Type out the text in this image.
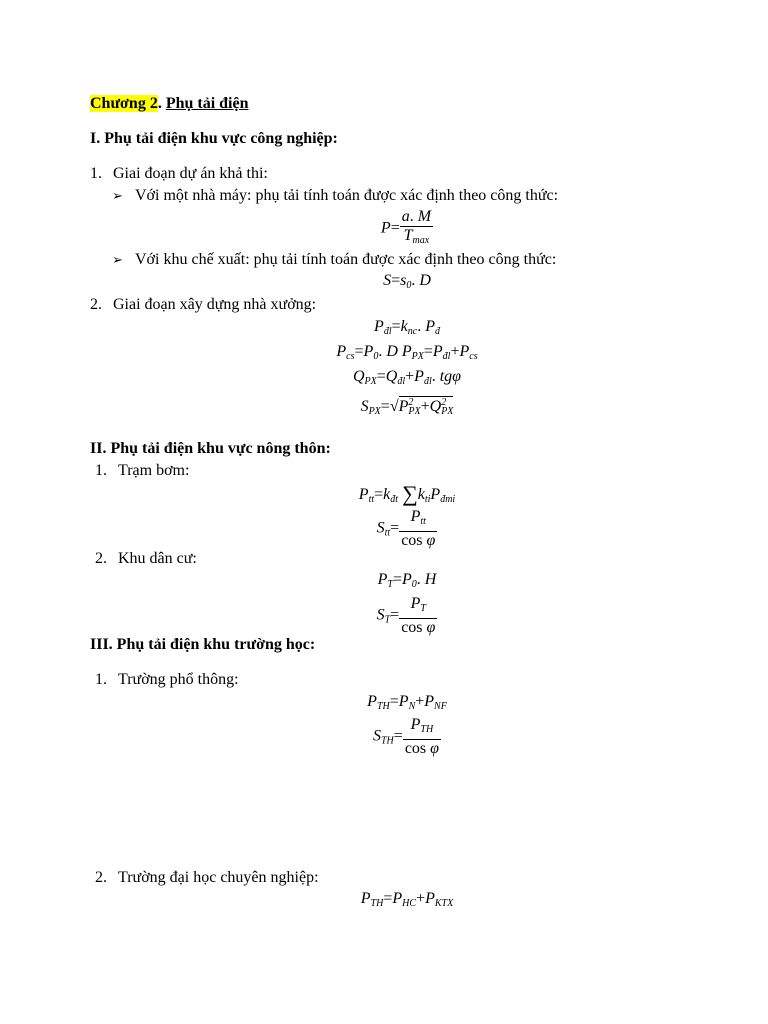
Chương 2. Phụ tải điện
I. Phụ tải điện khu vực công nghiệp:
1. Giai đoạn dự án khả thi:
➢ Với một nhà máy: phụ tải tính toán được xác định theo công thức:
$P= \frac{a. M}{T_{max}}$
➢ Với khu chế xuất: phụ tải tính toán được xác định theo công thức:
$S=s_0$. D
2. Giai đoạn xây dựng nhà xưởng:
$P_{đl}=k_{nc}$. $P_đ$
$P_{cs}=P_0$. D $P_{PX}=P_{đl}+P_{cs}$
$Q_{PX}=Q_{đl}+P_{đl}$. tgφ
$S_{PX}=√P^2_{PX}+Q^2_{PX}$
II. Phụ tải điện khu vực nông thôn:
1. Trạm bơm:
$P_{tt}=k_{đt}$ $\sum k_{ti}P_{đmi}$
$S_{tt}= \frac{P_{tt}}{\text{cos φ}}$
2. Khu dân cư:
$P_T=P_0$. H
$S_T= \frac{P_T}{\text{cos φ}}$
III. Phụ tải điện khu trường học:
1. Trường phổ thông:
$P_{TH}=P_N+P_{NF}$
$S_{TH}= \frac{P_{TH}}{\text{cos φ}}$
2. Trường đại học chuyên nghiệp:
$P_{TH}=P_{HC}+P_{KTX}$
